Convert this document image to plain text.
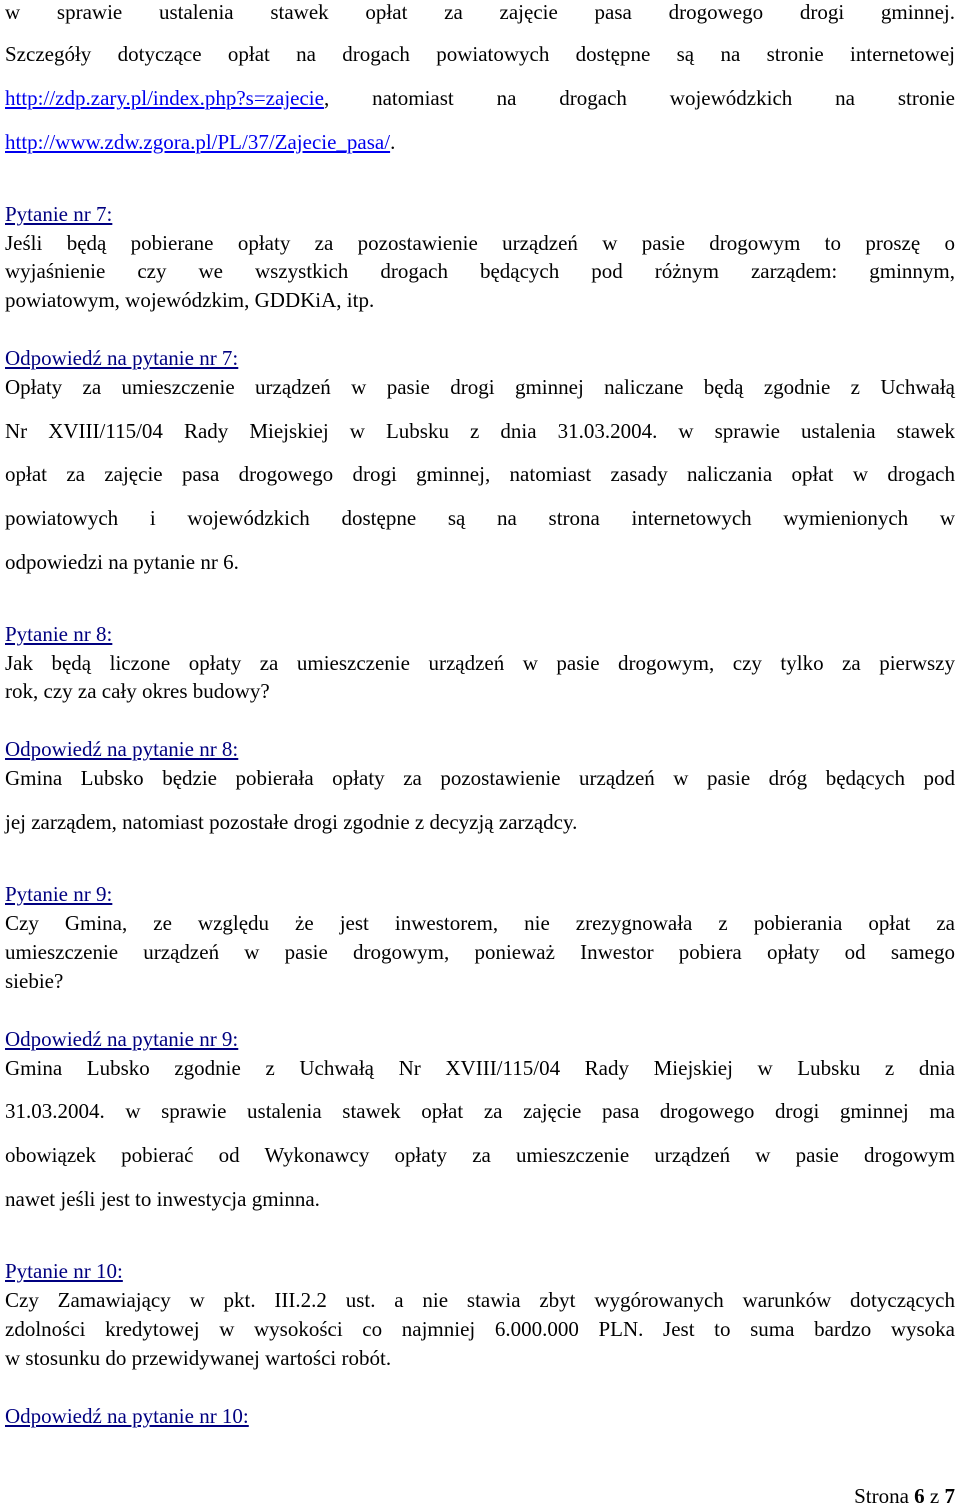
w sprawie ustalenia stawek opłat za zajęcie pasa drogowego drogi gminnej.
Szczegóły dotyczące opłat na drogach powiatowych dostępne są na stronie internetowej
http://zdp.zary.pl/index.php?s=zajecie, natomiast na drogach wojewódzkich na stronie
http://www.zdw.zgora.pl/PL/37/Zajecie_pasa/.
Pytanie nr 7:
Jeśli będą pobierane opłaty za pozostawienie urządzeń w pasie drogowym to proszę o
wyjaśnienie czy we wszystkich drogach będących pod różnym zarządem: gminnym,
powiatowym, wojewódzkim, GDDKiA, itp.
Odpowiedź na pytanie nr 7:
Opłaty za umieszczenie urządzeń w pasie drogi gminnej naliczane będą zgodnie z Uchwałą
Nr XVIII/115/04 Rady Miejskiej w Lubsku z dnia 31.03.2004. w sprawie ustalenia stawek
opłat za zajęcie pasa drogowego drogi gminnej, natomiast zasady naliczania opłat w drogach
powiatowych i wojewódzkich dostępne są na strona internetowych wymienionych w
odpowiedzi na pytanie nr 6.
Pytanie nr 8:
Jak będą liczone opłaty za umieszczenie urządzeń w pasie drogowym, czy tylko za pierwszy
rok, czy za cały okres budowy?
Odpowiedź na pytanie nr 8:
Gmina Lubsko będzie pobierała opłaty za pozostawienie urządzeń w pasie dróg będących pod
jej zarządem, natomiast pozostałe drogi zgodnie z decyzją zarządcy.
Pytanie nr 9:
Czy Gmina, ze względu że jest inwestorem, nie zrezygnowała z pobierania opłat za
umieszczenie urządzeń w pasie drogowym, ponieważ Inwestor pobiera opłaty od samego
siebie?
Odpowiedź na pytanie nr 9:
Gmina Lubsko zgodnie z Uchwałą Nr XVIII/115/04 Rady Miejskiej w Lubsku z dnia
31.03.2004. w sprawie ustalenia stawek opłat za zajęcie pasa drogowego drogi gminnej ma
obowiązek pobierać od Wykonawcy opłaty za umieszczenie urządzeń w pasie drogowym
nawet jeśli jest to inwestycja gminna.
Pytanie nr 10:
Czy Zamawiający w pkt. III.2.2 ust. a nie stawia zbyt wygórowanych warunków dotyczących
zdolności kredytowej w wysokości co najmniej 6.000.000 PLN. Jest to suma bardzo wysoka
w stosunku do przewidywanej wartości robót.
Odpowiedź na pytanie nr 10:
Strona 6 z 7
